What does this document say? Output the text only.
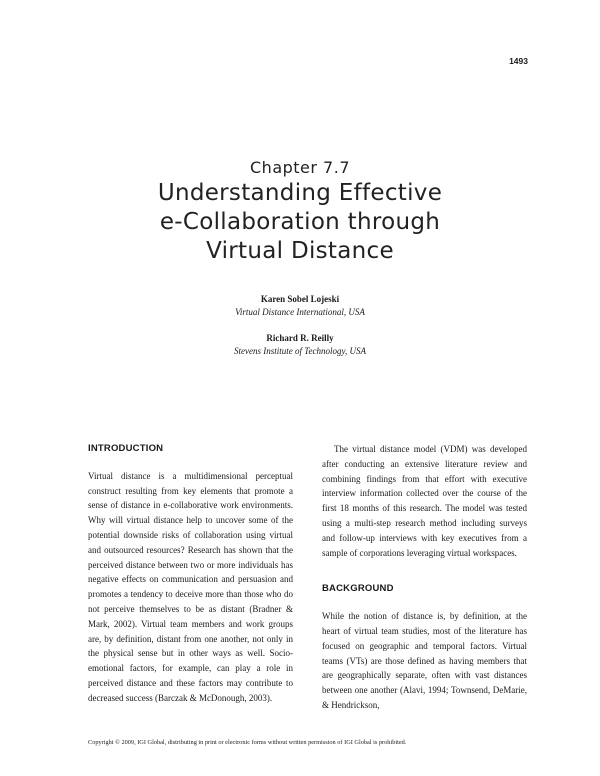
1493
Chapter 7.7
Understanding Effective
e-Collaboration through
Virtual Distance
Karen Sobel Lojeski
Virtual Distance International, USA
Richard R. Reilly
Stevens Institute of Technology, USA
INTRODUCTION

Virtual distance is a multidimensional perceptual construct resulting from key elements that promote a sense of distance in e-collaborative work environments. Why will virtual distance help to uncover some of the potential downside risks of collaboration using virtual and outsourced resources? Research has shown that the perceived distance between two or more individuals has negative effects on communication and persuasion and promotes a tendency to deceive more than those who do not perceive themselves to be as distant (Bradner & Mark, 2002). Virtual team members and work groups are, by definition, distant from one another, not only in the physical sense but in other ways as well. Socio-emotional factors, for example, can play a role in perceived distance and these factors may contribute to decreased success (Barczak & McDonough, 2003).

The virtual distance model (VDM) was developed after conducting an extensive literature review and combining findings from that effort with executive interview information collected over the course of the first 18 months of this research. The model was tested using a multi-step research method including surveys and follow-up interviews with key executives from a sample of corporations leveraging virtual workspaces.

BACKGROUND

While the notion of distance is, by definition, at the heart of virtual team studies, most of the literature has focused on geographic and temporal factors. Virtual teams (VTs) are those defined as having members that are geographically separate, often with vast distances between one another (Alavi, 1994; Townsend, DeMarie, & Hendrickson,

Copyright © 2009, IGI Global, distributing in print or electronic forms without written permission of IGI Global is prohibited.
